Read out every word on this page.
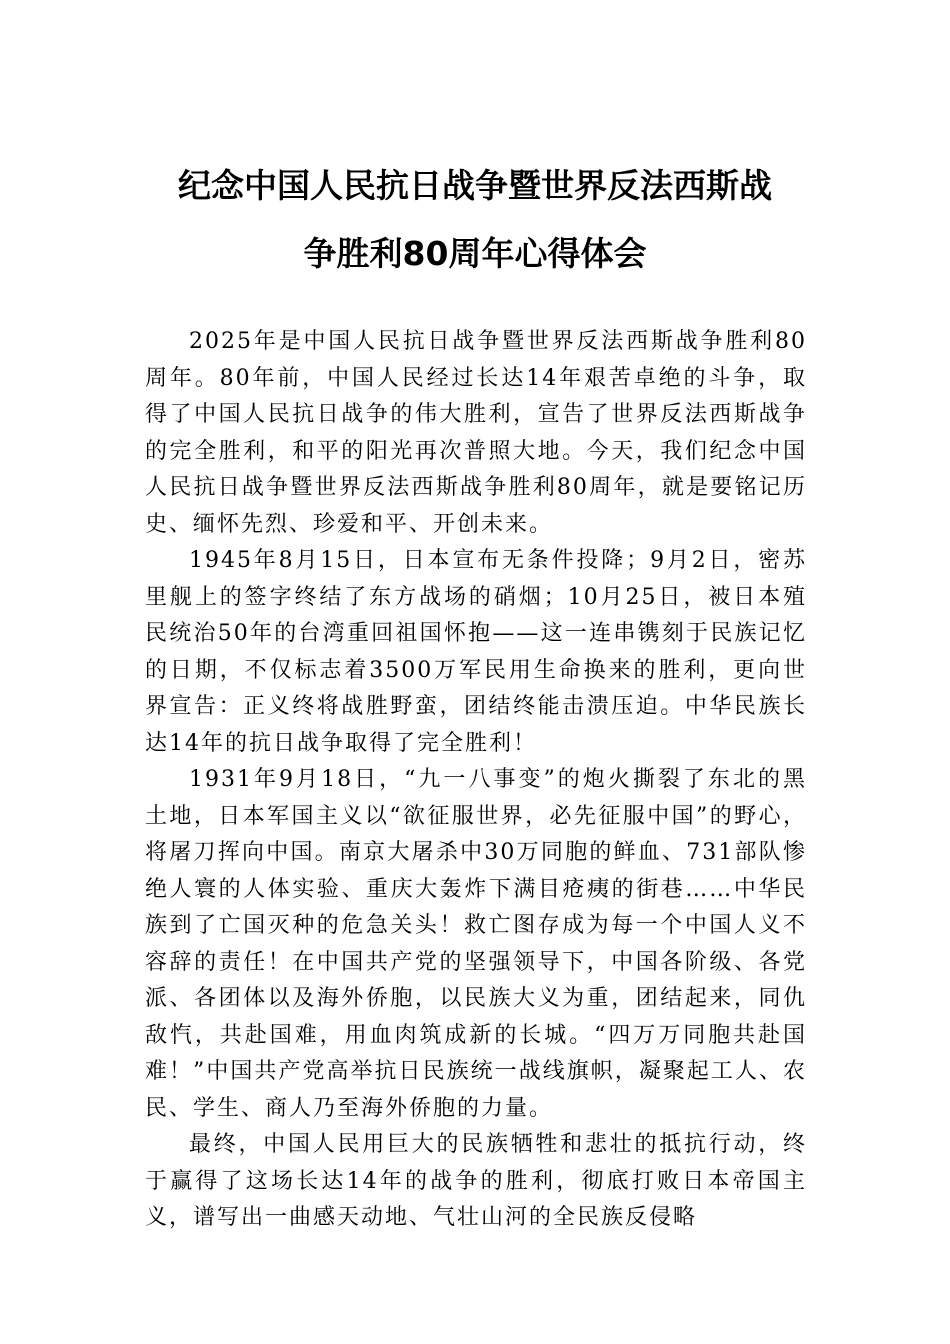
纪念中国人民抗日战争暨世界反法西斯战
争胜利80周年心得体会

2025年是中国人民抗日战争暨世界反法西斯战争胜利80周年。80年前，中国人民经过长达14年艰苦卓绝的斗争，取得了中国人民抗日战争的伟大胜利，宣告了世界反法西斯战争的完全胜利，和平的阳光再次普照大地。今天，我们纪念中国人民抗日战争暨世界反法西斯战争胜利80周年，就是要铭记历史、缅怀先烈、珍爱和平、开创未来。

1945年8月15日，日本宣布无条件投降；9月2日，密苏里舰上的签字终结了东方战场的硝烟；10月25日，被日本殖民统治50年的台湾重回祖国怀抱——这一连串镌刻于民族记忆的日期，不仅标志着3500万军民用生命换来的胜利，更向世界宣告：正义终将战胜野蛮，团结终能击溃压迫。中华民族长达14年的抗日战争取得了完全胜利！

1931年9月18日，“九一八事变”的炮火撕裂了东北的黑土地，日本军国主义以“欲征服世界，必先征服中国”的野心，将屠刀挥向中国。南京大屠杀中30万同胞的鲜血、731部队惨绝人寰的人体实验、重庆大轰炸下满目疮痍的街巷……中华民族到了亡国灭种的危急关头！救亡图存成为每一个中国人义不容辞的责任！在中国共产党的坚强领导下，中国各阶级、各党派、各团体以及海外侨胞，以民族大义为重，团结起来，同仇敌忾，共赴国难，用血肉筑成新的长城。“四万万同胞共赴国难！”中国共产党高举抗日民族统一战线旗帜，凝聚起工人、农民、学生、商人乃至海外侨胞的力量。

最终，中国人民用巨大的民族牺牲和悲壮的抵抗行动，终于赢得了这场长达14年的战争的胜利，彻底打败日本帝国主义，谱写出一曲感天动地、气壮山河的全民族反侵略
